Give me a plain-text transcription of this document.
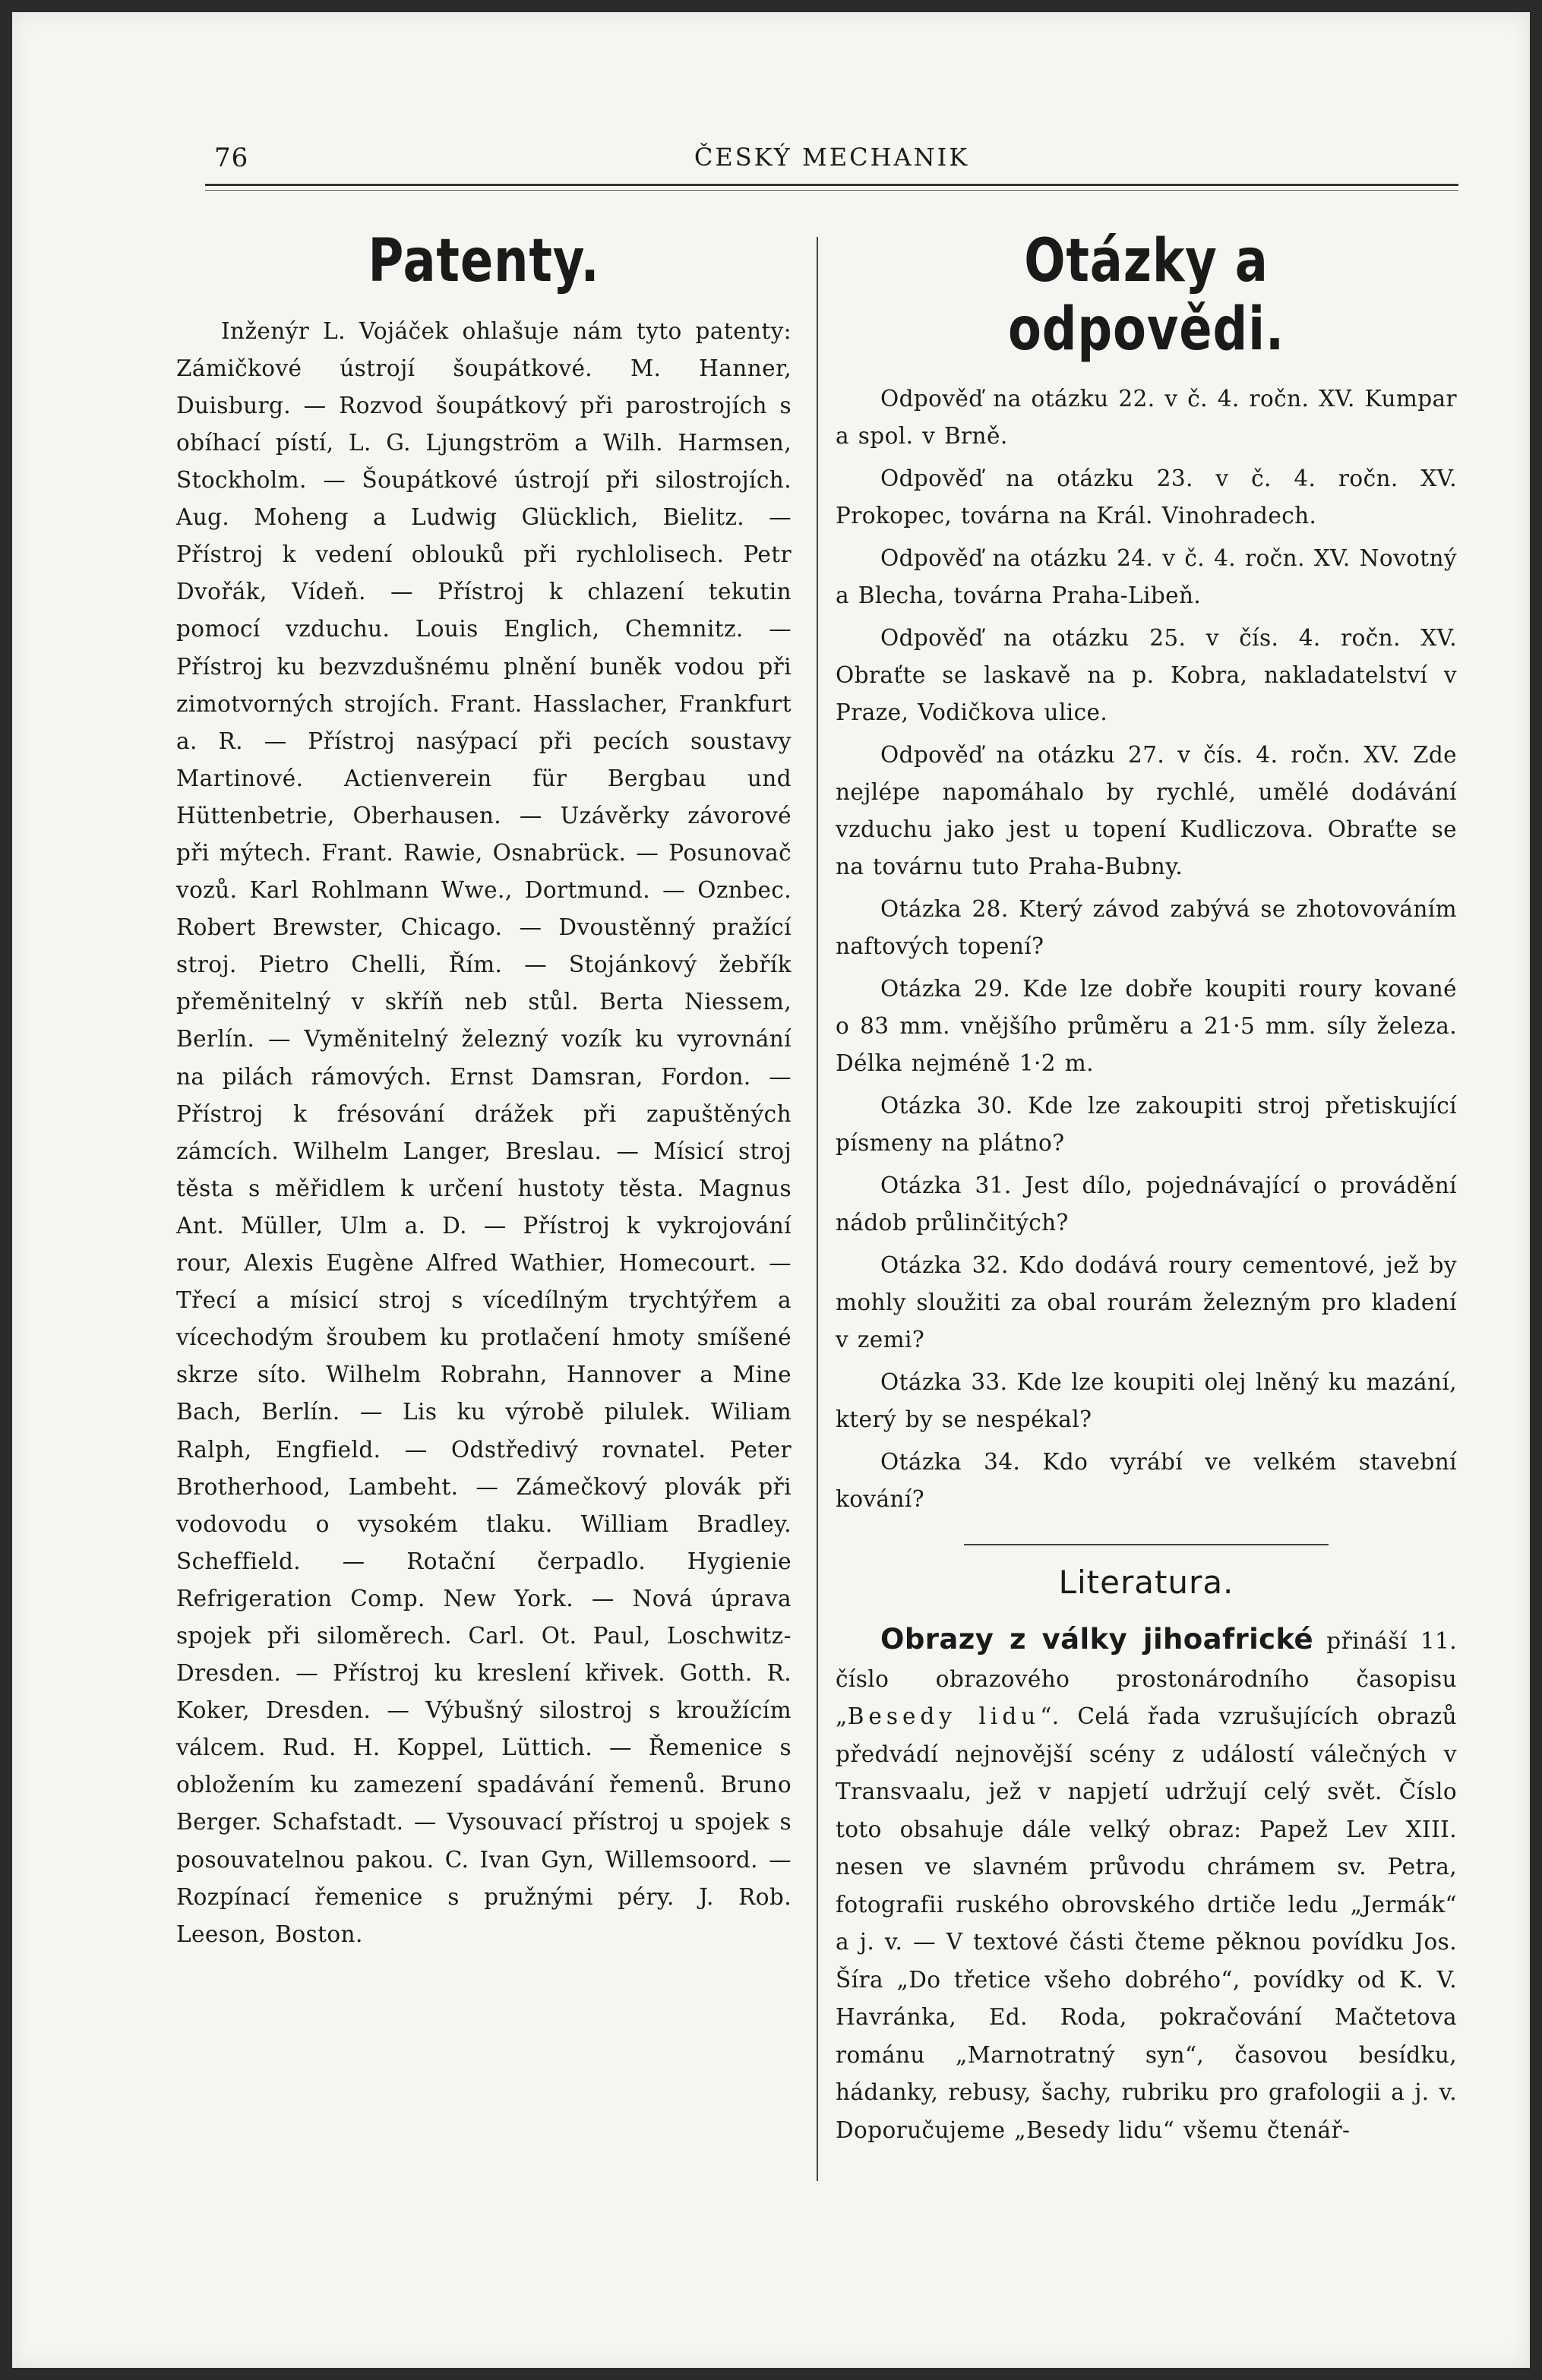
76	ČESKÝ MECHANIK
Patenty.

Inženýr L. Vojáček ohlašuje nám tyto patenty: Zámičkové ústrojí šoupátkové. M. Hanner, Duisburg. — Rozvod šoupátkový při parostrojích s obíhací pístí, L. G. Ljungström a Wilh. Harmsen, Stockholm. — Šoupátkové ústrojí při silostrojích. Aug. Moheng a Ludwig Glücklich, Bielitz. — Přístroj k vedení oblouků při rychlolisech. Petr Dvořák, Vídeň. — Přístroj k chlazení tekutin pomocí vzduchu. Louis Englich, Chemnitz. — Přístroj ku bezvzdušnému plnění buněk vodou při zimotvorných strojích. Frant. Hasslacher, Frankfurt a. R. — Přístroj nasýpací při pecích soustavy Martinové. Actienverein für Bergbau und Hüttenbetrie, Oberhausen. — Uzávěrky závorové při mýtech. Frant. Rawie, Osnabrück. — Posunovač vozů. Karl Rohlmann Wwe., Dortmund. — Oznbec. Robert Brewster, Chicago. — Dvoustěnný pražící stroj. Pietro Chelli, Řím. — Stojánkový žebřík přeměnitelný v skříň neb stůl. Berta Niessem, Berlín. — Vyměnitelný železný vozík ku vyrovnání na pilách rámových. Ernst Damsran, Fordon. — Přístroj k frésování drážek při zapuštěných zámcích. Wilhelm Langer, Breslau. — Mísicí stroj těsta s měřidlem k určení hustoty těsta. Magnus Ant. Müller, Ulm a. D. — Přístroj k vykrojování rour, Alexis Eugène Alfred Wathier, Homecourt. — Třecí a mísicí stroj s vícedílným trychtýřem a vícechodým šroubem ku protlačení hmoty smíšené skrze síto. Wilhelm Robrahn, Hannover a Mine Bach, Berlín. — Lis ku výrobě pilulek. Wiliam Ralph, Engfield. — Odstředivý rovnatel. Peter Brotherhood, Lambeht. — Zámečkový plovák při vodovodu o vysokém tlaku. William Bradley. Scheffield. — Rotační čerpadlo. Hygienie Refrigeration Comp. New York. — Nová úprava spojek při siloměrech. Carl. Ot. Paul, Loschwitz-Dresden. — Přístroj ku kreslení křivek. Gotth. R. Koker, Dresden. — Výbušný silostroj s kroužícím válcem. Rud. H. Koppel, Lüttich. — Řemenice s obložením ku zamezení spadávání řemenů. Bruno Berger. Schafstadt. — Vysouvací přístroj u spojek s posouvatelnou pakou. C. Ivan Gyn, Willemsoord. — Rozpínací řemenice s pružnými péry. J. Rob. Leeson, Boston.

Otázky a odpovědi.

Odpověď na otázku 22. v č. 4. ročn. XV. Kumpar a spol. v Brně.

Odpověď na otázku 23. v č. 4. ročn. XV. Prokopec, továrna na Král. Vinohradech.

Odpověď na otázku 24. v č. 4. ročn. XV. Novotný a Blecha, továrna Praha-Libeň.

Odpověď na otázku 25. v čís. 4. ročn. XV. Obraťte se laskavě na p. Kobra, nakladatelství v Praze, Vodičkova ulice.

Odpověď na otázku 27. v čís. 4. ročn. XV. Zde nejlépe napomáhalo by rychlé, umělé dodávání vzduchu jako jest u topení Kudliczova. Obraťte se na továrnu tuto Praha-Bubny.

Otázka 28. Který závod zabývá se zhotovováním naftových topení?

Otázka 29. Kde lze dobře koupiti roury kované o 83 mm. vnějšího průměru a 21·5 mm. síly železa. Délka nejméně 1·2 m.

Otázka 30. Kde lze zakoupiti stroj přetiskující písmeny na plátno?

Otázka 31. Jest dílo, pojednávající o provádění nádob průlinčitých?

Otázka 32. Kdo dodává roury cementové, jež by mohly sloužiti za obal rourám železným pro kladení v zemi?

Otázka 33. Kde lze koupiti olej lněný ku mazání, který by se nespékal?

Otázka 34. Kdo vyrábí ve velkém stavební kování?

Literatura.

Obrazy z války jihoafrické přináší 11. číslo obrazového prostonárodního časopisu „Besedy lidu“. Celá řada vzrušujících obrazů předvádí nejnovější scény z událostí válečných v Transvaalu, jež v napjetí udržují celý svět. Číslo toto obsahuje dále velký obraz: Papež Lev XIII. nesen ve slavném průvodu chrámem sv. Petra, fotografii ruského obrovského drtiče ledu „Jermák“ a j. v. — V textové části čteme pěknou povídku Jos. Šíra „Do třetice všeho dobrého“, povídky od K. V. Havránka, Ed. Roda, pokračování Mačtetova románu „Marnotratný syn“, časovou besídku, hádanky, rebusy, šachy, rubriku pro grafologii a j. v. Doporučujeme „Besedy lidu“ všemu čtenář-
